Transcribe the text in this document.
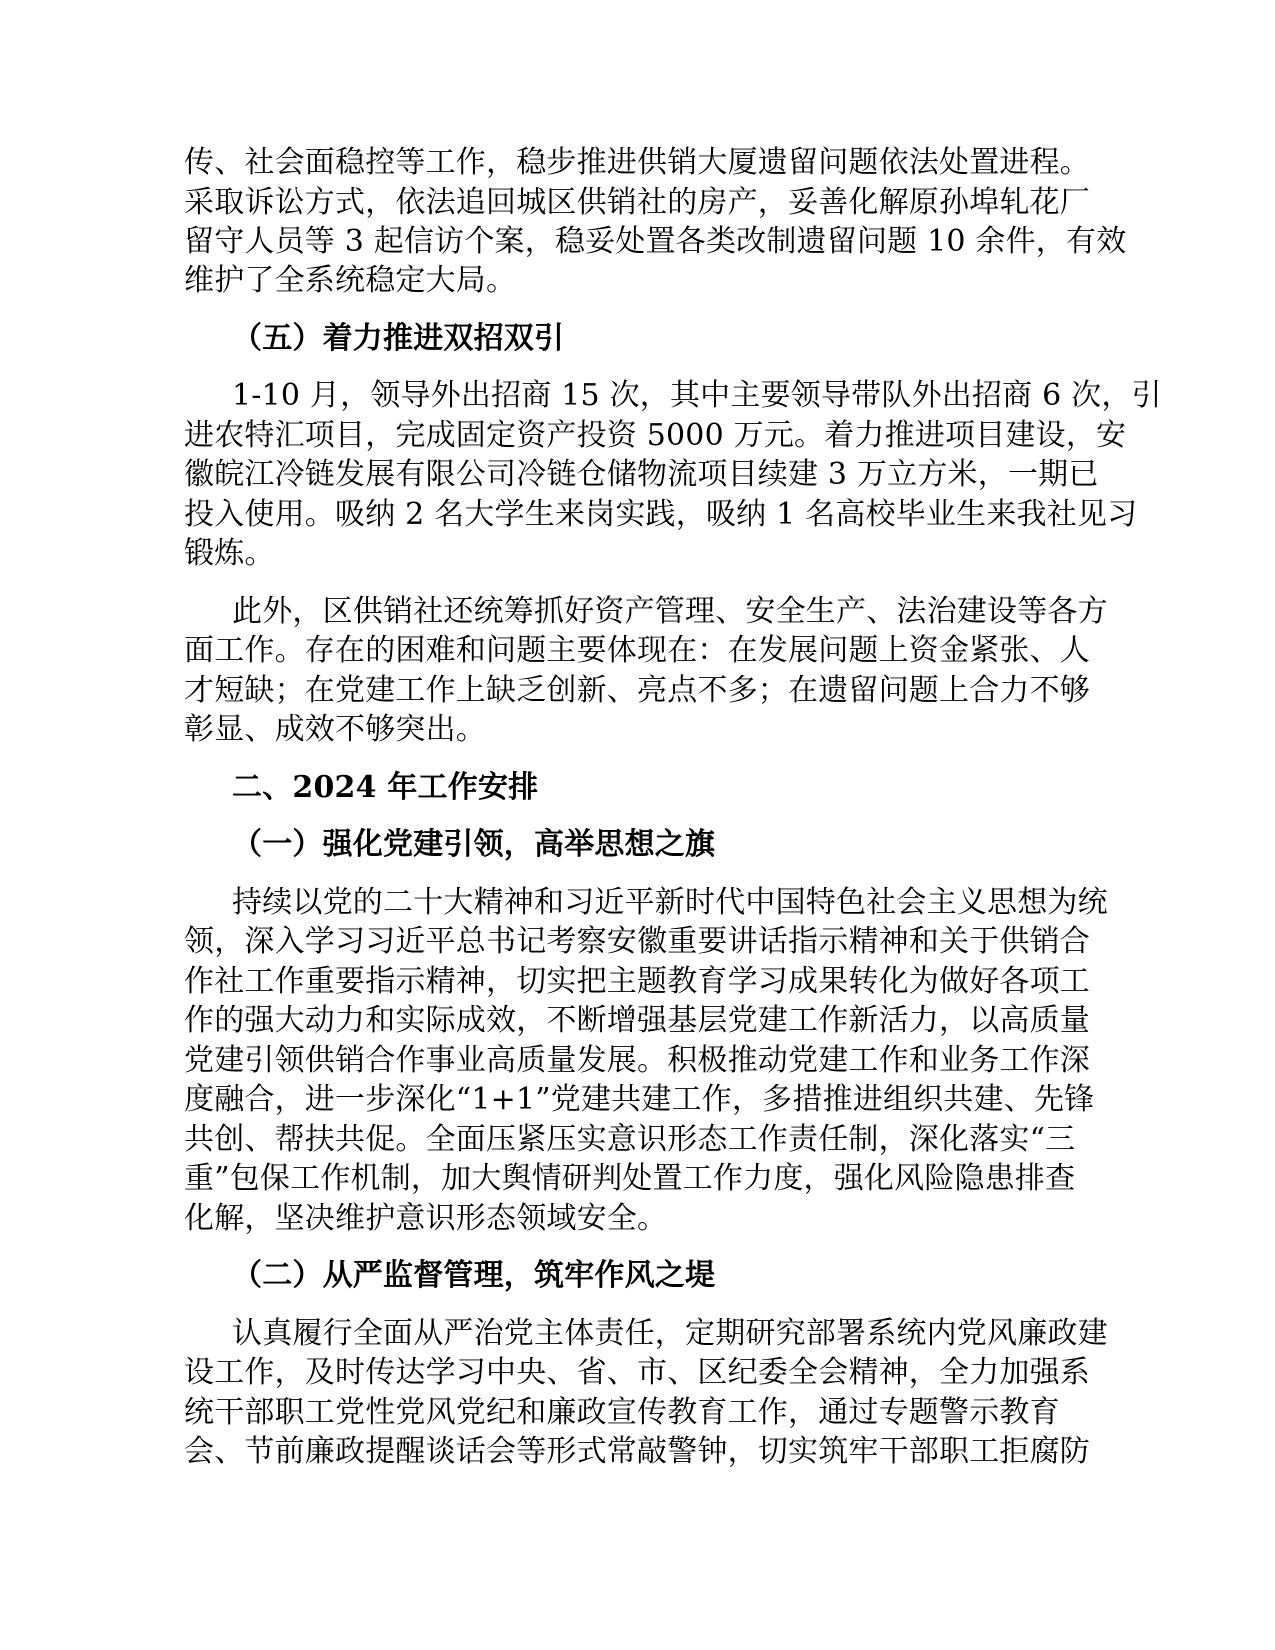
传、社会面稳控等工作，稳步推进供销大厦遗留问题依法处置进程。
采取诉讼方式，依法追回城区供销社的房产，妥善化解原孙埠轧花厂
留守人员等 3 起信访个案，稳妥处置各类改制遗留问题 10 余件，有效
维护了全系统稳定大局。
（五）着力推进双招双引
1-10 月，领导外出招商 15 次，其中主要领导带队外出招商 6 次，引
进农特汇项目，完成固定资产投资 5000 万元。着力推进项目建设，安
徽皖江冷链发展有限公司冷链仓储物流项目续建 3 万立方米，一期已
投入使用。吸纳 2 名大学生来岗实践，吸纳 1 名高校毕业生来我社见习
锻炼。
此外，区供销社还统筹抓好资产管理、安全生产、法治建设等各方
面工作。存在的困难和问题主要体现在：在发展问题上资金紧张、人
才短缺；在党建工作上缺乏创新、亮点不多；在遗留问题上合力不够
彰显、成效不够突出。
二、2024 年工作安排
（一）强化党建引领，高举思想之旗
持续以党的二十大精神和习近平新时代中国特色社会主义思想为统
领，深入学习习近平总书记考察安徽重要讲话指示精神和关于供销合
作社工作重要指示精神，切实把主题教育学习成果转化为做好各项工
作的强大动力和实际成效，不断增强基层党建工作新活力，以高质量
党建引领供销合作事业高质量发展。积极推动党建工作和业务工作深
度融合，进一步深化“1+1”党建共建工作，多措推进组织共建、先锋
共创、帮扶共促。全面压紧压实意识形态工作责任制，深化落实“三
重”包保工作机制，加大舆情研判处置工作力度，强化风险隐患排查
化解，坚决维护意识形态领域安全。
（二）从严监督管理，筑牢作风之堤
认真履行全面从严治党主体责任，定期研究部署系统内党风廉政建
设工作，及时传达学习中央、省、市、区纪委全会精神，全力加强系
统干部职工党性党风党纪和廉政宣传教育工作，通过专题警示教育
会、节前廉政提醒谈话会等形式常敲警钟，切实筑牢干部职工拒腐防
